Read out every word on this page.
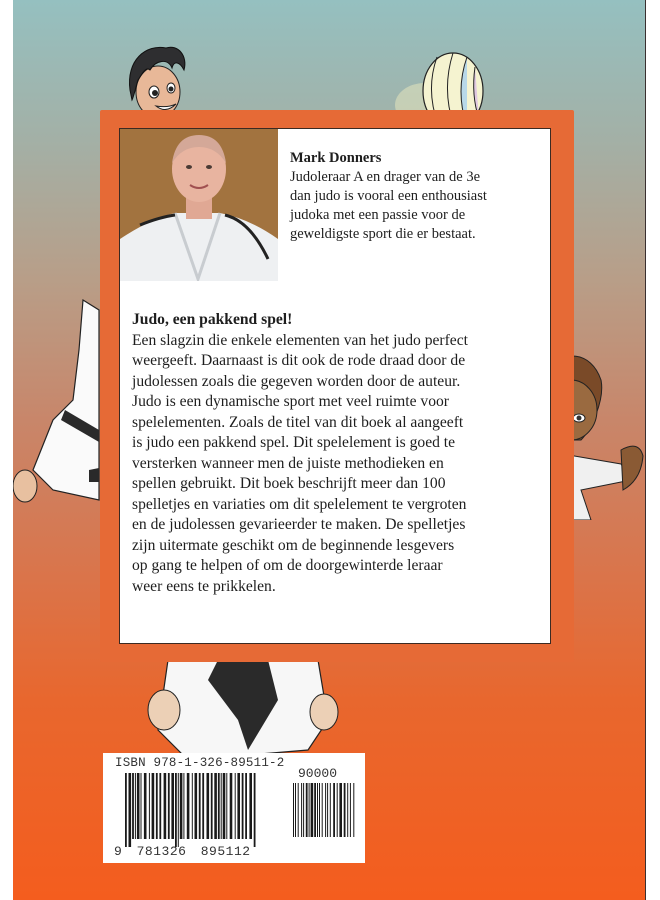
Mark Donners
Judoleraar A en drager van de 3e
dan judo is vooral een enthousiast
judoka met een passie voor de
geweldigste sport die er bestaat.
Judo, een pakkend spel!
Een slagzin die enkele elementen van het judo perfect
weergeeft. Daarnaast is dit ook de rode draad door de
judolessen zoals die gegeven worden door de auteur.
Judo is een dynamische sport met veel ruimte voor
spelelementen. Zoals de titel van dit boek al aangeeft
is judo een pakkend spel. Dit spelelement is goed te
versterken wanneer men de juiste methodieken en
spellen gebruikt. Dit boek beschrijft meer dan 100
spelletjes en variaties om dit spelelement te vergroten
en de judolessen gevarieerder te maken. De spelletjes
zijn uitermate geschikt om de beginnende lesgevers
op gang te helpen of om de doorgewinterde leraar
weer eens te prikkelen.
ISBN 978-1-326-89511-2
90000
9 781326 895112
